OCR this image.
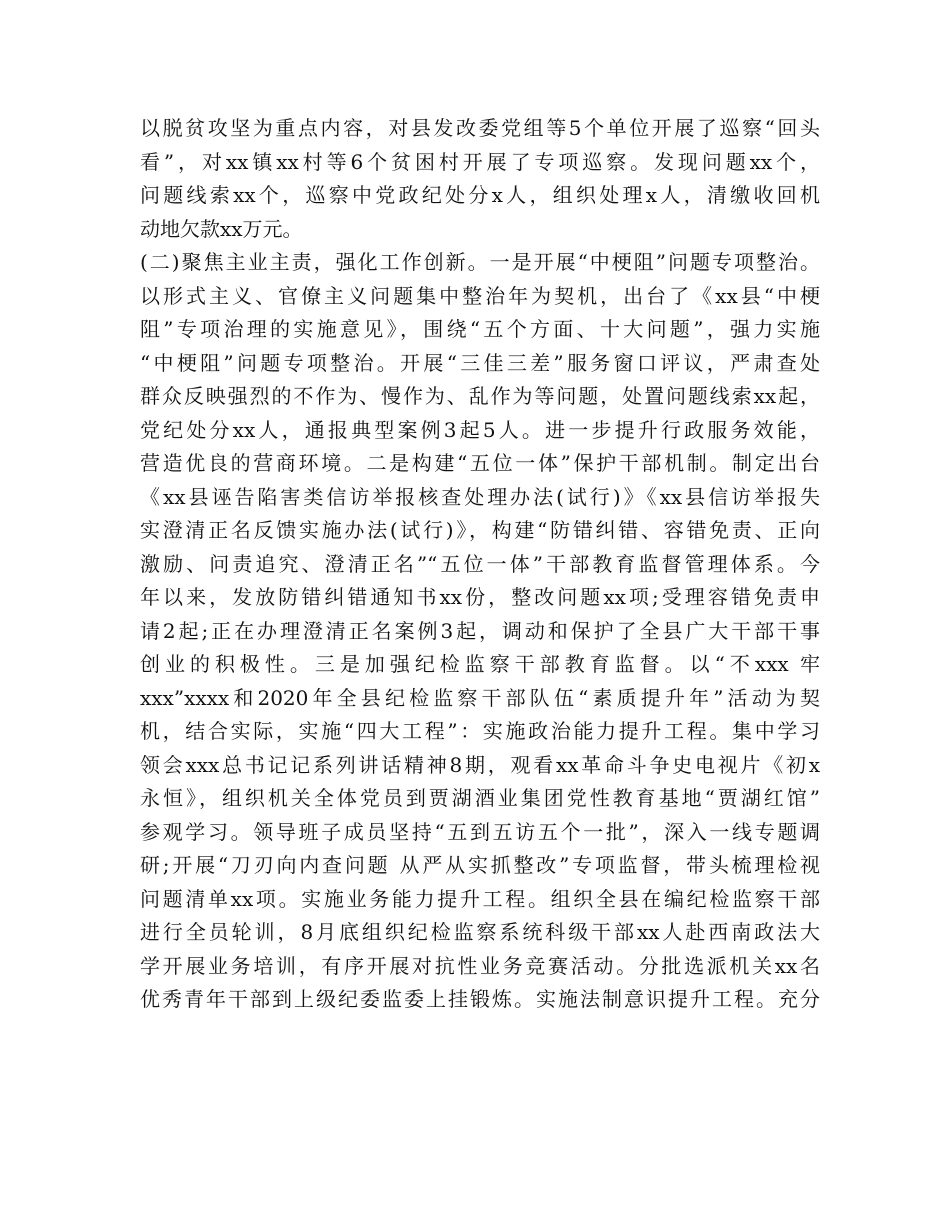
以脱贫攻坚为重点内容，对县发改委党组等5个单位开展了巡察“回头
看”，对xx镇xx村等6个贫困村开展了专项巡察。发现问题xx个，
问题线索xx个，巡察中党政纪处分x人，组织处理x人，清缴收回机
动地欠款xx万元。
(二)聚焦主业主责，强化工作创新。一是开展“中梗阻”问题专项整治。
以形式主义、官僚主义问题集中整治年为契机，出台了《xx县“中梗
阻”专项治理的实施意见》，围绕“五个方面、十大问题”，强力实施
“中梗阻”问题专项整治。开展“三佳三差”服务窗口评议，严肃查处
群众反映强烈的不作为、慢作为、乱作为等问题，处置问题线索xx起，
党纪处分xx人，通报典型案例3起5人。进一步提升行政服务效能，
营造优良的营商环境。二是构建“五位一体”保护干部机制。制定出台
《xx县诬告陷害类信访举报核查处理办法(试行)》《xx县信访举报失
实澄清正名反馈实施办法(试行)》，构建“防错纠错、容错免责、正向
激励、问责追究、澄清正名”“五位一体”干部教育监督管理体系。今
年以来，发放防错纠错通知书xx份，整改问题xx项;受理容错免责申
请2起;正在办理澄清正名案例3起，调动和保护了全县广大干部干事
创业的积极性。三是加强纪检监察干部教育监督。以“不xxx 牢
xxx”xxxx和2020年全县纪检监察干部队伍“素质提升年”活动为契
机，结合实际，实施“四大工程”：实施政治能力提升工程。集中学习
领会xxx总书记记系列讲话精神8期，观看xx革命斗争史电视片《初x
永恒》，组织机关全体党员到贾湖酒业集团党性教育基地“贾湖红馆”
参观学习。领导班子成员坚持“五到五访五个一批”，深入一线专题调
研;开展“刀刃向内查问题 从严从实抓整改”专项监督，带头梳理检视
问题清单xx项。实施业务能力提升工程。组织全县在编纪检监察干部
进行全员轮训，8月底组织纪检监察系统科级干部xx人赴西南政法大
学开展业务培训，有序开展对抗性业务竞赛活动。分批选派机关xx名
优秀青年干部到上级纪委监委上挂锻炼。实施法制意识提升工程。充分
